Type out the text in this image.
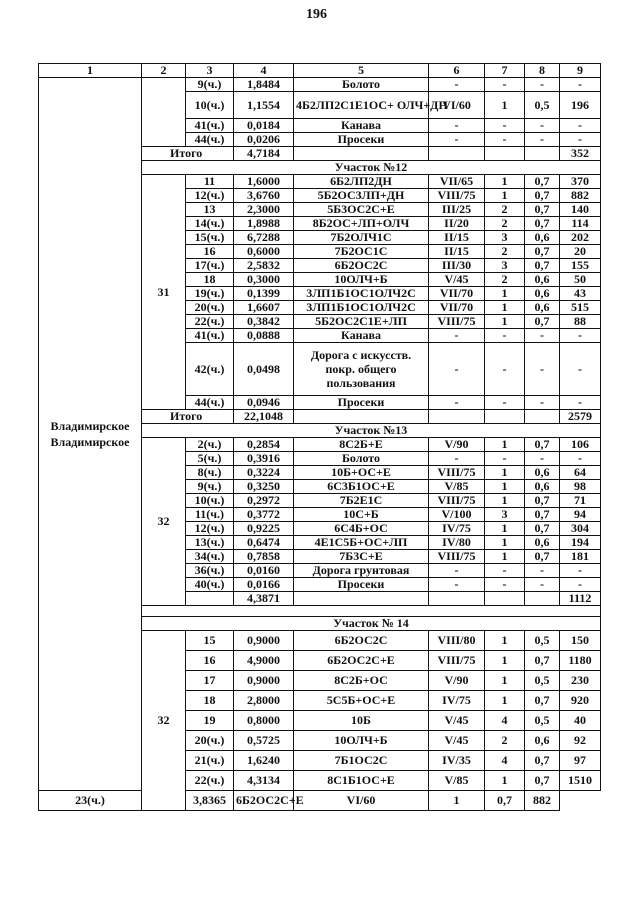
196
1	2	3	4	5	6	7	8	9
Владимирское Владимирское		9(ч.)	1,8484	Болото	-	-	-	-
		10(ч.)	1,1554	4Б2ЛП2С1Е1ОС+ ОЛЧ+ДН	VI/60	1	0,5	196
		41(ч.)	0,0184	Канава	-	-	-	-
		44(ч.)	0,0206	Просеки	-	-	-	-
	Итого		4,7184					352
	Участок №12							
	31	11	1,6000	6Б2ЛП2ДН	VII/65	1	0,7	370
		12(ч.)	3,6760	5Б2ОС3ЛП+ДН	VIII/75	1	0,7	882
		13	2,3000	5Б3ОС2С+Е	III/25	2	0,7	140
		14(ч.)	1,8988	8Б2ОС+ЛП+ОЛЧ	II/20	2	0,7	114
		15(ч.)	6,7288	7Б2ОЛЧ1С	II/15	3	0,6	202
		16	0,6000	7Б2ОС1С	II/15	2	0,7	20
		17(ч.)	2,5832	6Б2ОС2С	III/30	3	0,7	155
		18	0,3000	10ОЛЧ+Б	V/45	2	0,6	50
		19(ч.)	0,1399	3ЛП1Б1ОС1ОЛЧ2С	VII/70	1	0,6	43
		20(ч.)	1,6607	3ЛП1Б1ОС1ОЛЧ2С	VII/70	1	0,6	515
		22(ч.)	0,3842	5Б2ОС2С1Е+ЛП	VIII/75	1	0,7	88
		41(ч.)	0,0888	Канава	-	-	-	-
		42(ч.)	0,0498	Дорога с искусств. покр. общего пользования	-	-	-	-
		44(ч.)	0,0946	Просеки	-	-	-	-
	Итого		22,1048					2579
	Участок №13							
	32	2(ч.)	0,2854	8С2Б+Е	V/90	1	0,7	106
		5(ч.)	0,3916	Болото	-	-	-	-
		8(ч.)	0,3224	10Б+ОС+Е	VIII/75	1	0,6	64
		9(ч.)	0,3250	6С3Б1ОС+Е	V/85	1	0,6	98
		10(ч.)	0,2972	7Б2Е1С	VIII/75	1	0,7	71
		11(ч.)	0,3772	10С+Б	V/100	3	0,7	94
		12(ч.)	0,9225	6С4Б+ОС	IV/75	1	0,7	304
		13(ч.)	0,6474	4Е1С5Б+ОС+ЛП	IV/80	1	0,6	194
		34(ч.)	0,7858	7Б3С+Е	VIII/75	1	0,7	181
		36(ч.)	0,0160	Дорога грунтовая	-	-	-	-
		40(ч.)	0,0166	Просеки	-	-	-	-
			4,3871					1112

	Участок № 14							
	32	15	0,9000	6Б2ОС2С	VIII/80	1	0,5	150
		16	4,9000	6Б2ОС2С+Е	VIII/75	1	0,7	1180
		17	0,9000	8С2Б+ОС	V/90	1	0,5	230
		18	2,8000	5С5Б+ОС+Е	IV/75	1	0,7	920
		19	0,8000	10Б	V/45	4	0,5	40
		20(ч.)	0,5725	10ОЛЧ+Б	V/45	2	0,6	92
		21(ч.)	1,6240	7Б1ОС2С	IV/35	4	0,7	97
		22(ч.)	4,3134	8С1Б1ОС+Е	V/85	1	0,7	1510
23(ч.)		3,8365	6Б2ОС2С+Е	VI/60	1	0,7	882	
